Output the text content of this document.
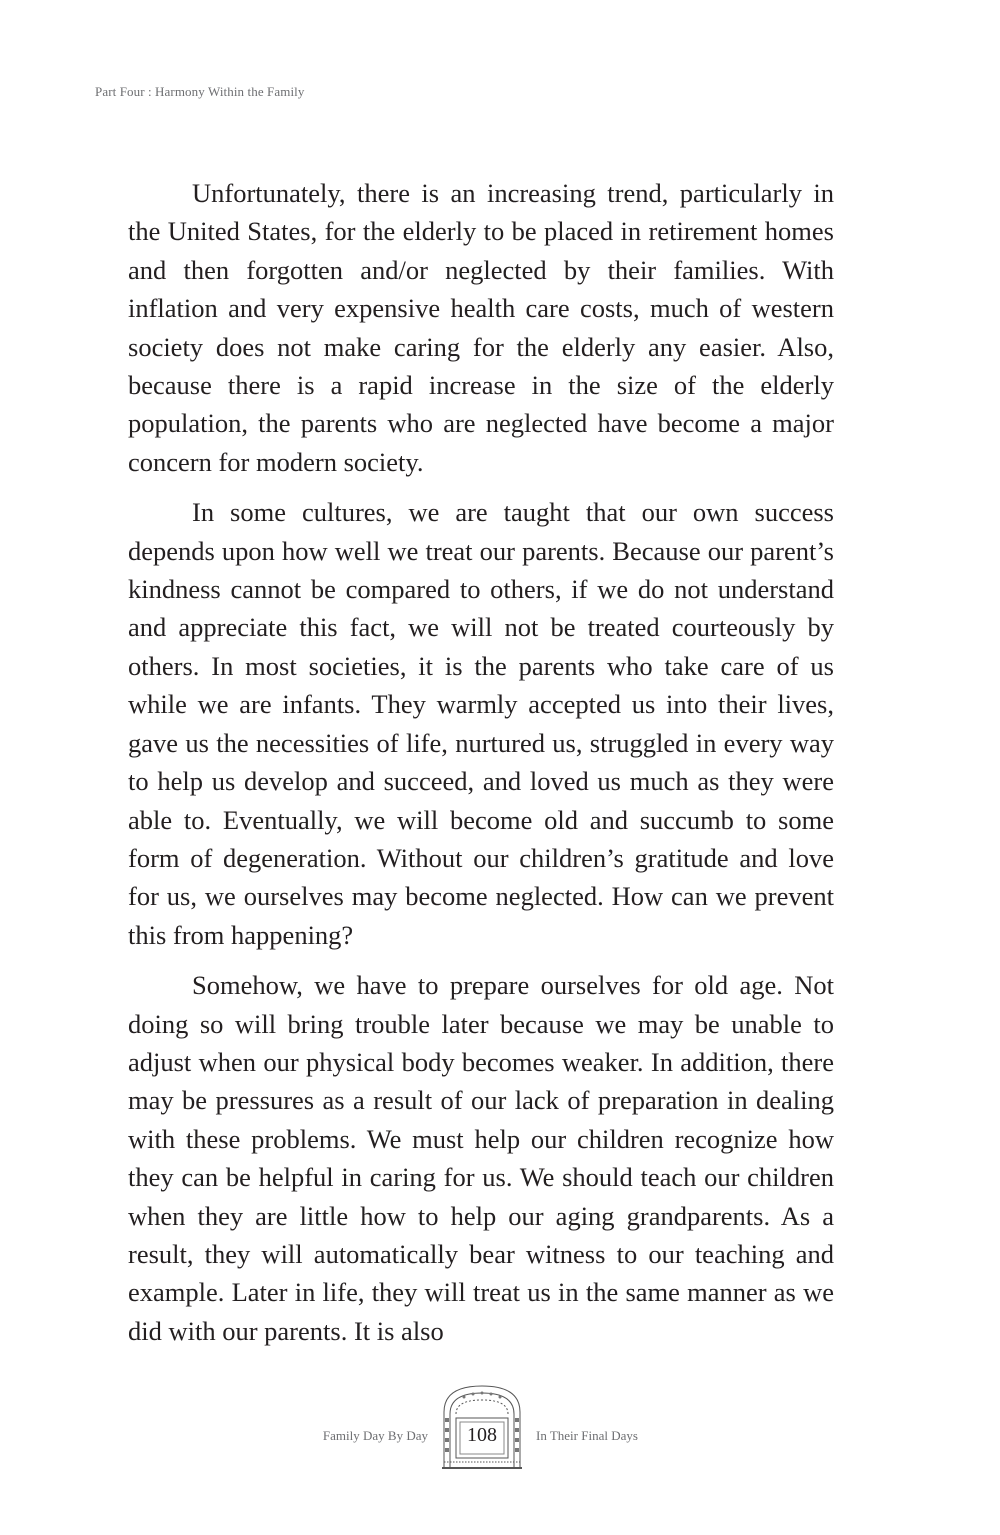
Part Four : Harmony Within the Family

Unfortunately, there is an increasing trend, particularly in the United States, for the elderly to be placed in retirement homes and then forgotten and/or neglected by their families. With inflation and very expensive health care costs, much of western society does not make caring for the elderly any easier. Also, because there is a rapid increase in the size of the elderly population, the parents who are neglected have become a major concern for modern society.

In some cultures, we are taught that our own success depends upon how well we treat our parents. Because our parent’s kindness cannot be compared to others, if we do not understand and appreciate this fact, we will not be treated courteously by others. In most societies, it is the parents who take care of us while we are infants. They warmly accepted us into their lives, gave us the necessities of life, nurtured us, struggled in every way to help us develop and succeed, and loved us much as they were able to. Eventually, we will become old and succumb to some form of degeneration. Without our children’s gratitude and love for us, we ourselves may become neglected. How can we prevent this from happening?

Somehow, we have to prepare ourselves for old age. Not doing so will bring trouble later because we may be unable to adjust when our physical body becomes weaker. In addition, there may be pressures as a result of our lack of preparation in dealing with these problems. We must help our children recognize how they can be helpful in caring for us. We should teach our children when they are little how to help our aging grandparents. As a result, they will automatically bear witness to our teaching and example. Later in life, they will treat us in the same manner as we did with our parents. It is also

Family Day By Day	108	In Their Final Days
